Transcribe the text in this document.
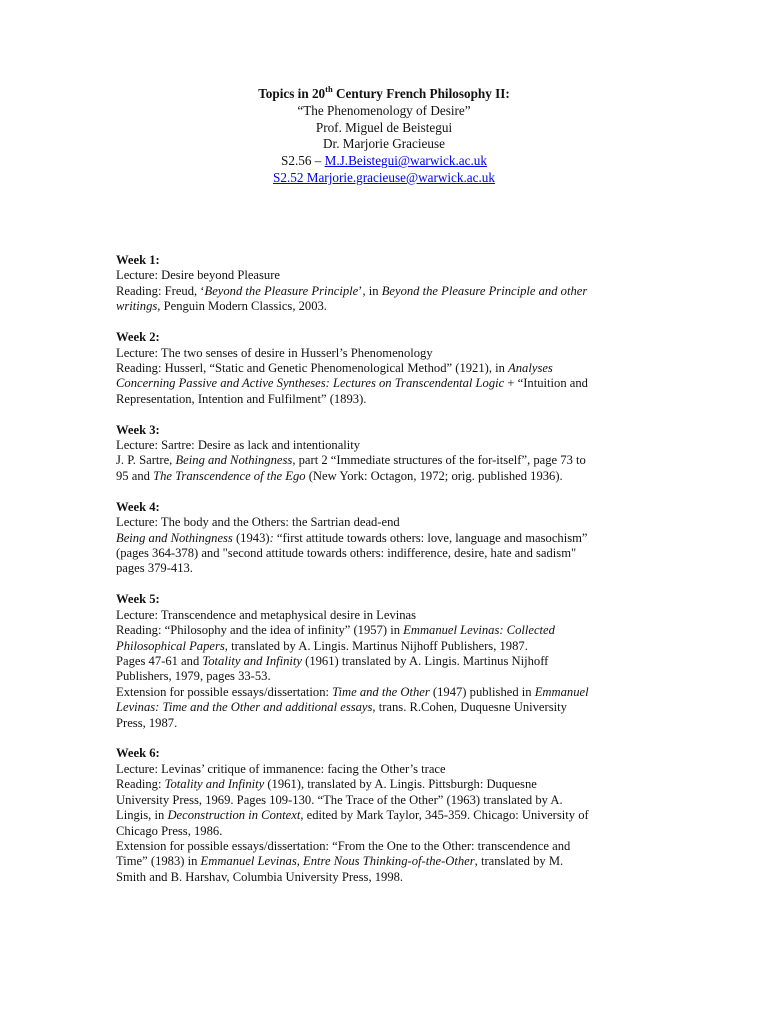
Topics in 20th Century French Philosophy II:
“The Phenomenology of Desire”
Prof. Miguel de Beistegui
Dr. Marjorie Gracieuse
S2.56 – M.J.Beistegui@warwick.ac.uk
S2.52 Marjorie.gracieuse@warwick.ac.uk
Week 1:
Lecture: Desire beyond Pleasure
Reading: Freud, ‘Beyond the Pleasure Principle’, in Beyond the Pleasure Principle and other
writings, Penguin Modern Classics, 2003.
Week 2:
Lecture: The two senses of desire in Husserl’s Phenomenology
Reading: Husserl, “Static and Genetic Phenomenological Method” (1921), in Analyses
Concerning Passive and Active Syntheses: Lectures on Transcendental Logic + “Intuition and
Representation, Intention and Fulfilment” (1893).
Week 3:
Lecture: Sartre: Desire as lack and intentionality
J. P. Sartre, Being and Nothingness, part 2 “Immediate structures of the for-itself”, page 73 to
95 and The Transcendence of the Ego (New York: Octagon, 1972; orig. published 1936).
Week 4:
Lecture: The body and the Others: the Sartrian dead-end
Being and Nothingness (1943): “first attitude towards others: love, language and masochism”
(pages 364-378) and "second attitude towards others: indifference, desire, hate and sadism"
pages 379-413.
Week 5:
Lecture: Transcendence and metaphysical desire in Levinas
Reading: “Philosophy and the idea of infinity” (1957) in Emmanuel Levinas: Collected
Philosophical Papers, translated by A. Lingis. Martinus Nijhoff Publishers, 1987.
Pages 47-61 and Totality and Infinity (1961) translated by A. Lingis. Martinus Nijhoff
Publishers, 1979, pages 33-53.
Extension for possible essays/dissertation: Time and the Other (1947) published in Emmanuel
Levinas: Time and the Other and additional essays, trans. R.Cohen, Duquesne University
Press, 1987.
Week 6:
Lecture: Levinas’ critique of immanence: facing the Other’s trace
Reading: Totality and Infinity (1961), translated by A. Lingis. Pittsburgh: Duquesne
University Press, 1969. Pages 109-130. “The Trace of the Other” (1963) translated by A.
Lingis, in Deconstruction in Context, edited by Mark Taylor, 345-359. Chicago: University of
Chicago Press, 1986.
Extension for possible essays/dissertation: “From the One to the Other: transcendence and
Time” (1983) in Emmanuel Levinas, Entre Nous Thinking-of-the-Other, translated by M.
Smith and B. Harshav, Columbia University Press, 1998.
